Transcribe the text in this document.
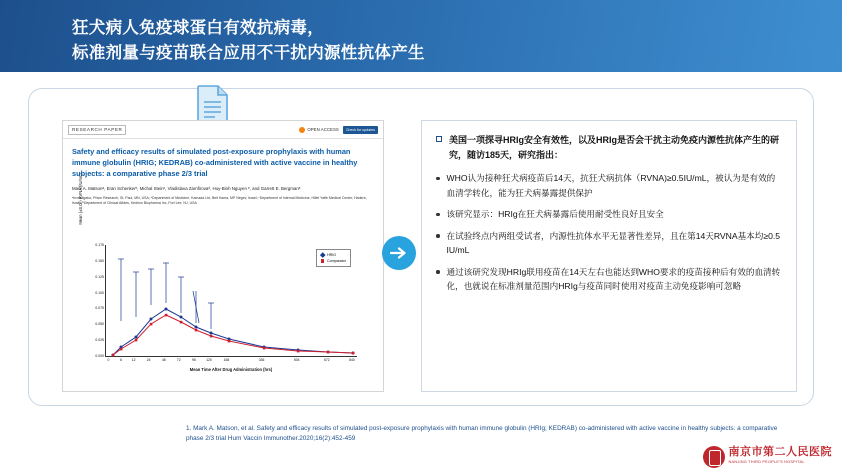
狂犬病人免疫球蛋白有效抗病毒，
标准剂量与疫苗联合应用不干扰内源性抗体产生
RESEARCH PAPER	OPEN ACCESS Check for updates
Safety and efficacy results of simulated post-exposure prophylaxis with human immune globulin (HRIG; KEDRAB) co-administered with active vaccine in healthy subjects: a comparative phase 2/3 trial
Mark A. Matsonᵃ, Eran Schenkerᵇ, Michal Steinᶜ, Vladislava Zamfirovaᵈ, Huy-Binh Nguyen ᵉ, and Garrett E. Bergmanᵉ
ᵃInvestigator, Prism Research, St. Paul, MN, USA; ᵇDepartment of Medicine, Kamada Ltd, Beit Kama, MP Negev, Israel; ᶜDepartment of Internal Medicine, Hillel Yaffe Medical Center, Hadera, Israel; ᵈDepartment of Clinical Affairs, Kedrion Biopharma Inc, Fort Lee, NJ, USA
Mean (±S.D.) RVNA (IU/mL)
0.175
0.150
0.125
0.100
0.075
0.050
0.025
0.000
0	6	12	24	48	72	96	120	168	336	504	672	840
HRIG
Comparator
Mean Time After Drug Administration (hrs)
美国一项探寻HRIg安全有效性，以及HRIg是否会干扰主动免疫内源性抗体产生的研究，随访185天，研究指出：
WHO认为接种狂犬病疫苗后14天，抗狂犬病抗体（RVNA)≥0.5IU/mL，被认为是有效的血清学转化，能为狂犬病暴露提供保护
该研究显示：HRIg在狂犬病暴露后使用耐受性良好且安全
在试验终点内两组受试者，内源性抗体水平无显著性差异，且在第14天RVNA基本均≥0.5 IU/mL
通过该研究发现HRIg联用疫苗在14天左右也能达到WHO要求的疫苗接种后有效的血清转化，也就说在标准剂量范围内HRIg与疫苗同时使用对疫苗主动免疫影响可忽略
1. Mark A. Matson, et al. Safety and efficacy results of simulated post-exposure prophylaxis with human immune globulin (HRIg; KEDRAB) co-administered with active vaccine in healthy subjects: a comparative phase 2/3 trial Hum Vaccin Immunother.2020;16(2):452-459
南京市第二人民医院
NANJING THIRD PEOPLE'S HOSPITAL
